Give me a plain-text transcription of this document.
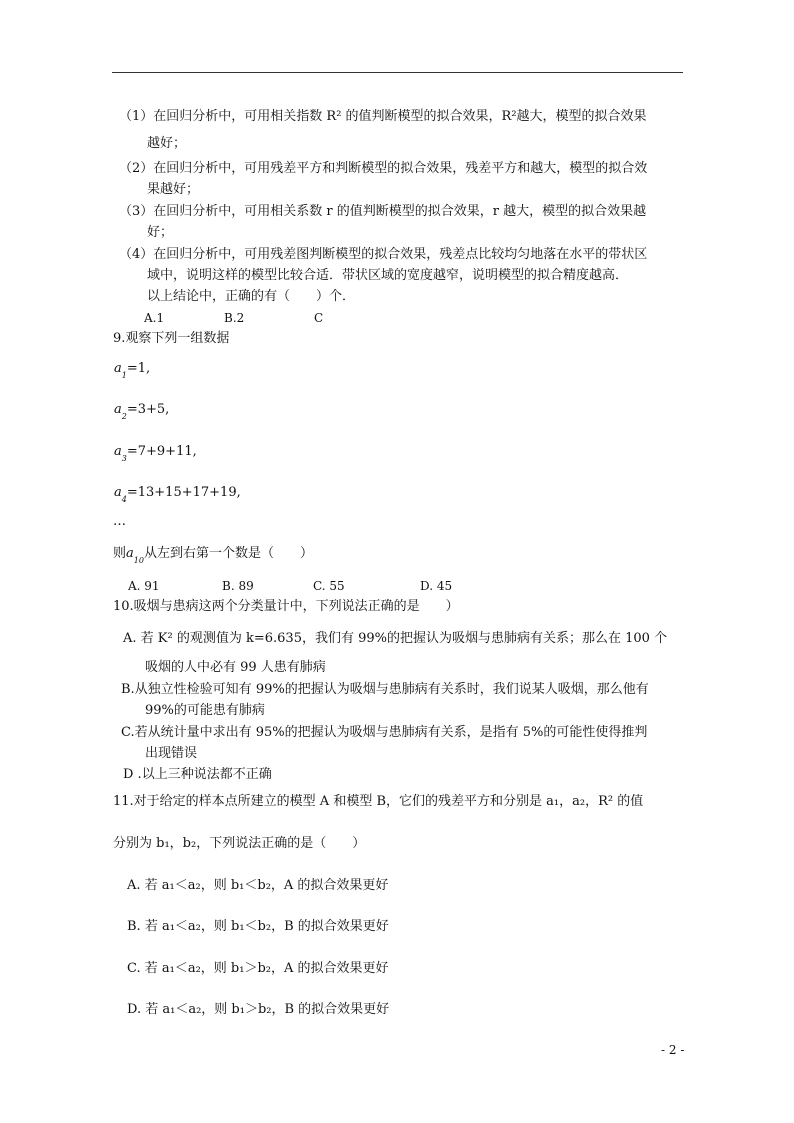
（1）在回归分析中，可用相关指数 R² 的值判断模型的拟合效果，R²越大，模型的拟合效果
越好；
（2）在回归分析中，可用残差平方和判断模型的拟合效果，残差平方和越大，模型的拟合效
果越好；
（3）在回归分析中，可用相关系数 r 的值判断模型的拟合效果，r 越大，模型的拟合效果越
好；
（4）在回归分析中，可用残差图判断模型的拟合效果，残差点比较均匀地落在水平的带状区
域中，说明这样的模型比较合适．带状区域的宽度越窄，说明模型的拟合精度越高．
以上结论中，正确的有（　　）个．
A.1	B.2	C
9.观察下列一组数据
$a_1=1$,
$a_2=3+5$,
$a_3=7+9+11$,
$a_4=13+15+17+19$,
…
则$a_{10}$从左到右第一个数是（　　）
A. 91	B. 89	C. 55	D. 45
10.吸烟与患病这两个分类量计中，下列说法正确的是　　）
A. 若 K² 的观测值为 k=6.635，我们有 99%的把握认为吸烟与患肺病有关系；那么在 100 个
吸烟的人中必有 99 人患有肺病
B.从独立性检验可知有 99%的把握认为吸烟与患肺病有关系时，我们说某人吸烟，那么他有
99%的可能患有肺病
C.若从统计量中求出有 95%的把握认为吸烟与患肺病有关系，是指有 5%的可能性使得推判
出现错误
D .以上三种说法都不正确
11.对于给定的样本点所建立的模型 A 和模型 B，它们的残差平方和分别是 a₁，a₂，R² 的值
分别为 b₁，b₂，下列说法正确的是（　　）
A. 若 a₁＜a₂，则 b₁＜b₂，A 的拟合效果更好
B. 若 a₁＜a₂，则 b₁＜b₂，B 的拟合效果更好
C. 若 a₁＜a₂，则 b₁＞b₂，A 的拟合效果更好
D. 若 a₁＜a₂，则 b₁＞b₂，B 的拟合效果更好
- 2 -
